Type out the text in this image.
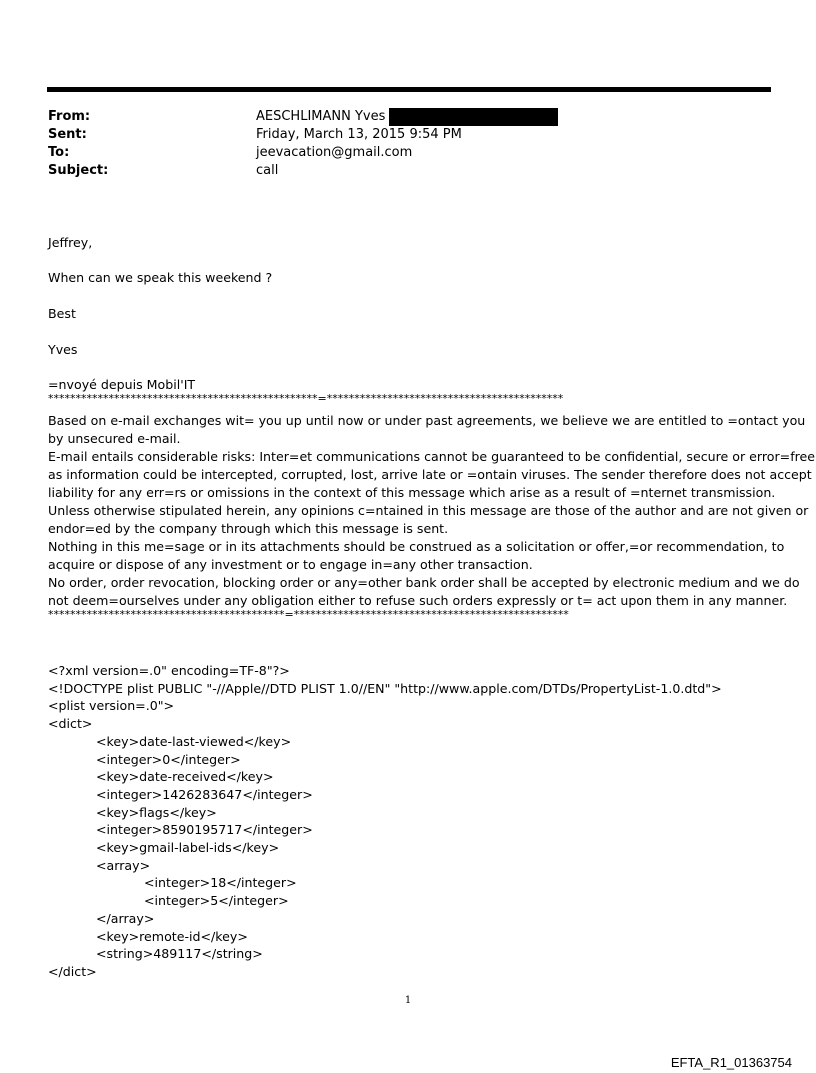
From:	AESCHLIMANN Yves
Sent:	Friday, March 13, 2015 9:54 PM
To:	jeevacation@gmail.com
Subject:	call
Jeffrey,
When can we speak this weekend ?
Best
Yves
=nvoyé depuis Mobil'IT
*************************************************=*******************************************
Based on e-mail exchanges wit= you up until now or under past agreements, we believe we are entitled to =ontact you
by unsecured e-mail.
E-mail entails considerable risks: Inter=et communications cannot be guaranteed to be confidential, secure or error=free
as information could be intercepted, corrupted, lost, arrive late or =ontain viruses. The sender therefore does not accept
liability for any err=rs or omissions in the context of this message which arise as a result of =nternet transmission.
Unless otherwise stipulated herein, any opinions c=ntained in this message are those of the author and are not given or
endor=ed by the company through which this message is sent.
Nothing in this me=sage or in its attachments should be construed as a solicitation or offer,=or recommendation, to
acquire or dispose of any investment or to engage in=any other transaction.
No order, order revocation, blocking order or any=other bank order shall be accepted by electronic medium and we do
not deem=ourselves under any obligation either to refuse such orders expressly or t= act upon them in any manner.
*******************************************=**************************************************
<?xml version=.0" encoding=TF-8"?>
<!DOCTYPE plist PUBLIC "-//Apple//DTD PLIST 1.0//EN" "http://www.apple.com/DTDs/PropertyList-1.0.dtd">
<plist version=.0">
<dict>
<key>date-last-viewed</key>
<integer>0</integer>
<key>date-received</key>
<integer>1426283647</integer>
<key>flags</key>
<integer>8590195717</integer>
<key>gmail-label-ids</key>
<array>
<integer>18</integer>
<integer>5</integer>
</array>
<key>remote-id</key>
<string>489117</string>
</dict>
1
EFTA_R1_01363754
